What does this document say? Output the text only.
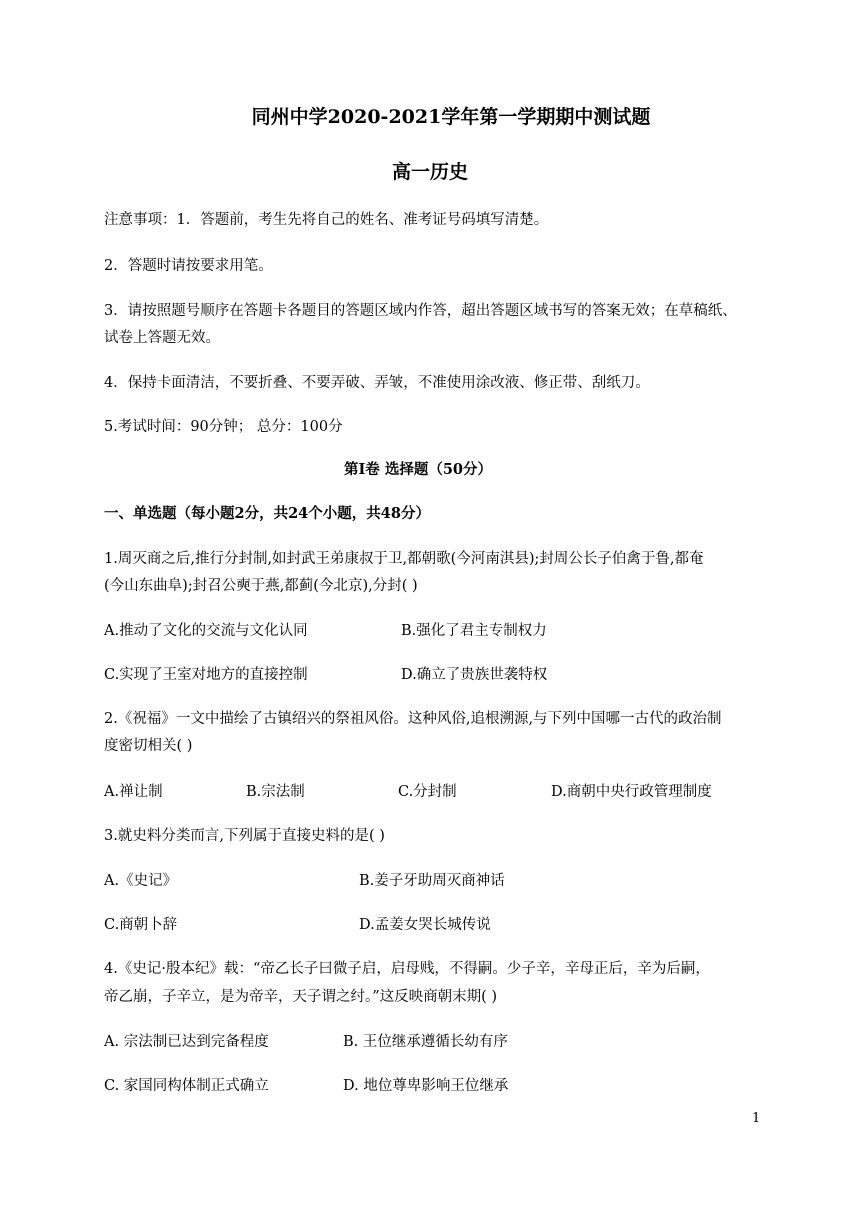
同州中学2020-2021学年第一学期期中测试题
高一历史
注意事项：1．答题前，考生先将自己的姓名、准考证号码填写清楚。
2．答题时请按要求用笔。
3．请按照题号顺序在答题卡各题目的答题区域内作答，超出答题区域书写的答案无效；在草稿纸、
试卷上答题无效。
4．保持卡面清洁，不要折叠、不要弄破、弄皱，不准使用涂改液、修正带、刮纸刀。
5.考试时间：90分钟； 总分：100分
第Ⅰ卷 选择题（50分）
一、单选题（每小题2分，共24个小题，共48分）
1.周灭商之后,推行分封制,如封武王弟康叔于卫,都朝歌(今河南淇县);封周公长子伯禽于鲁,都奄
(今山东曲阜);封召公奭于燕,都蓟(今北京),分封( )
A.推动了文化的交流与文化认同	B.强化了君主专制权力
C.实现了王室对地方的直接控制	D.确立了贵族世袭特权
2.《祝福》一文中描绘了古镇绍兴的祭祖风俗。这种风俗,追根溯源,与下列中国哪一古代的政治制
度密切相关( )
A.禅让制	B.宗法制	C.分封制	D.商朝中央行政管理制度
3.就史料分类而言,下列属于直接史料的是( )
A.《史记》	B.姜子牙助周灭商神话
C.商朝卜辞	D.孟姜女哭长城传说
4.《史记·殷本纪》载：“帝乙长子曰微子启，启母贱，不得嗣。少子辛，辛母正后，辛为后嗣，
帝乙崩，子辛立，是为帝辛，天子谓之纣。”这反映商朝末期( )
A. 宗法制已达到完备程度	B. 王位继承遵循长幼有序
C. 家国同构体制正式确立	D. 地位尊卑影响王位继承
1
